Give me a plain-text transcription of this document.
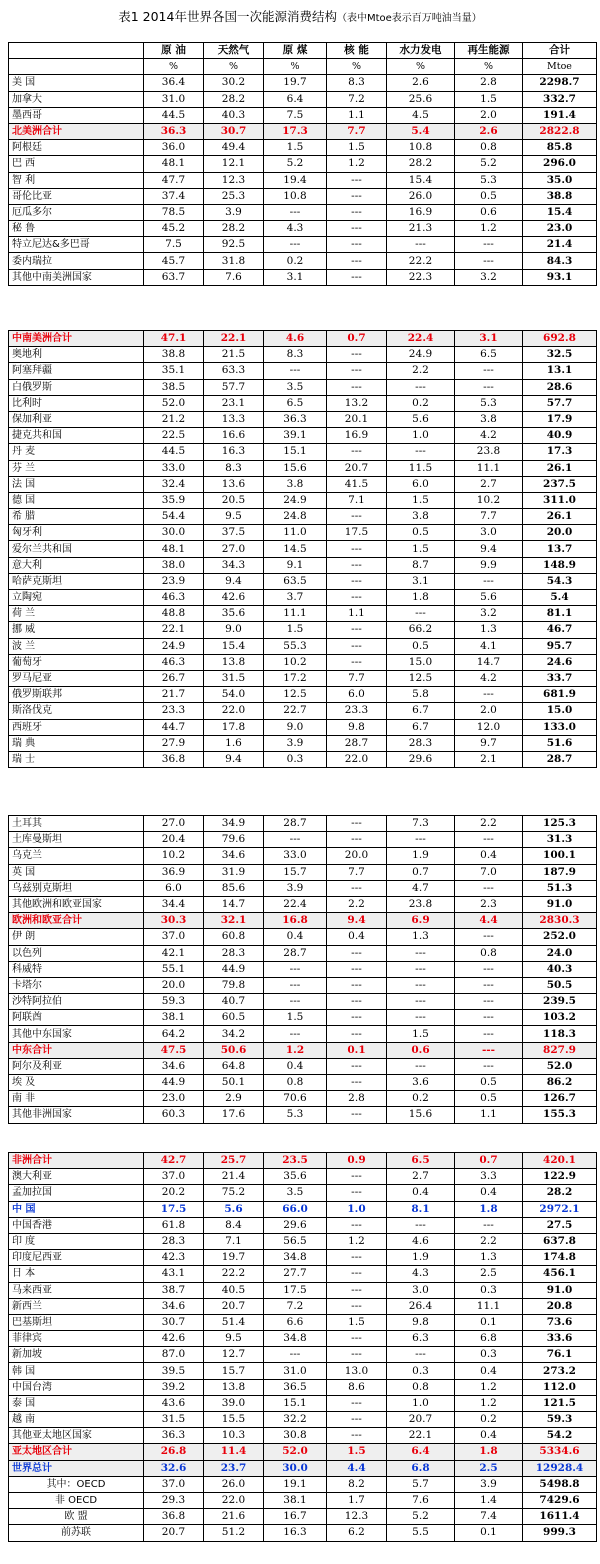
表1 2014年世界各国一次能源消费结构（表中Mtoe表示百万吨油当量）
	原 油	天然气	原 煤	核 能	水力发电	再生能源	合计
	%	%	%	%	%	%	Mtoe
美 国	36.4	30.2	19.7	8.3	2.6	2.8	2298.7
加拿大	31.0	28.2	6.4	7.2	25.6	1.5	332.7
墨西哥	44.5	40.3	7.5	1.1	4.5	2.0	191.4
北美洲合计	36.3	30.7	17.3	7.7	5.4	2.6	2822.8
阿根廷	36.0	49.4	1.5	1.5	10.8	0.8	85.8
巴 西	48.1	12.1	5.2	1.2	28.2	5.2	296.0
智 利	47.7	12.3	19.4	---	15.4	5.3	35.0
哥伦比亚	37.4	25.3	10.8	---	26.0	0.5	38.8
厄瓜多尔	78.5	3.9	---	---	16.9	0.6	15.4
秘 鲁	45.2	28.2	4.3	---	21.3	1.2	23.0
特立尼达&多巴哥	7.5	92.5	---	---	---	---	21.4
委内瑞拉	45.7	31.8	0.2	---	22.2	---	84.3
其他中南美洲国家	63.7	7.6	3.1	---	22.3	3.2	93.1
中南美洲合计	47.1	22.1	4.6	0.7	22.4	3.1	692.8
奥地利	38.8	21.5	8.3	---	24.9	6.5	32.5
阿塞拜疆	35.1	63.3	---	---	2.2	---	13.1
白俄罗斯	38.5	57.7	3.5	---	---	---	28.6
比利时	52.0	23.1	6.5	13.2	0.2	5.3	57.7
保加利亚	21.2	13.3	36.3	20.1	5.6	3.8	17.9
捷克共和国	22.5	16.6	39.1	16.9	1.0	4.2	40.9
丹 麦	44.5	16.3	15.1	---	---	23.8	17.3
芬 兰	33.0	8.3	15.6	20.7	11.5	11.1	26.1
法 国	32.4	13.6	3.8	41.5	6.0	2.7	237.5
德 国	35.9	20.5	24.9	7.1	1.5	10.2	311.0
希 腊	54.4	9.5	24.8	---	3.8	7.7	26.1
匈牙利	30.0	37.5	11.0	17.5	0.5	3.0	20.0
爱尔兰共和国	48.1	27.0	14.5	---	1.5	9.4	13.7
意大利	38.0	34.3	9.1	---	8.7	9.9	148.9
哈萨克斯坦	23.9	9.4	63.5	---	3.1	---	54.3
立陶宛	46.3	42.6	3.7	---	1.8	5.6	5.4
荷 兰	48.8	35.6	11.1	1.1	---	3.2	81.1
挪 威	22.1	9.0	1.5	---	66.2	1.3	46.7
波 兰	24.9	15.4	55.3	---	0.5	4.1	95.7
葡萄牙	46.3	13.8	10.2	---	15.0	14.7	24.6
罗马尼亚	26.7	31.5	17.2	7.7	12.5	4.2	33.7
俄罗斯联邦	21.7	54.0	12.5	6.0	5.8	---	681.9
斯洛伐克	23.3	22.0	22.7	23.3	6.7	2.0	15.0
西班牙	44.7	17.8	9.0	9.8	6.7	12.0	133.0
瑞 典	27.9	1.6	3.9	28.7	28.3	9.7	51.6
瑞 士	36.8	9.4	0.3	22.0	29.6	2.1	28.7
土耳其	27.0	34.9	28.7	---	7.3	2.2	125.3
土库曼斯坦	20.4	79.6	---	---	---	---	31.3
乌克兰	10.2	34.6	33.0	20.0	1.9	0.4	100.1
英 国	36.9	31.9	15.7	7.7	0.7	7.0	187.9
乌兹别克斯坦	6.0	85.6	3.9	---	4.7	---	51.3
其他欧洲和欧亚国家	34.4	14.7	22.4	2.2	23.8	2.3	91.0
欧洲和欧亚合计	30.3	32.1	16.8	9.4	6.9	4.4	2830.3
伊 朗	37.0	60.8	0.4	0.4	1.3	---	252.0
以色列	42.1	28.3	28.7	---	---	0.8	24.0
科威特	55.1	44.9	---	---	---	---	40.3
卡塔尔	20.0	79.8	---	---	---	---	50.5
沙特阿拉伯	59.3	40.7	---	---	---	---	239.5
阿联酋	38.1	60.5	1.5	---	---	---	103.2
其他中东国家	64.2	34.2	---	---	1.5	---	118.3
中东合计	47.5	50.6	1.2	0.1	0.6	---	827.9
阿尔及利亚	34.6	64.8	0.4	---	---	---	52.0
埃 及	44.9	50.1	0.8	---	3.6	0.5	86.2
南 非	23.0	2.9	70.6	2.8	0.2	0.5	126.7
其他非洲国家	60.3	17.6	5.3	---	15.6	1.1	155.3
非洲合计	42.7	25.7	23.5	0.9	6.5	0.7	420.1
澳大利亚	37.0	21.4	35.6	---	2.7	3.3	122.9
孟加拉国	20.2	75.2	3.5	---	0.4	0.4	28.2
中 国	17.5	5.6	66.0	1.0	8.1	1.8	2972.1
中国香港	61.8	8.4	29.6	---	---	---	27.5
印 度	28.3	7.1	56.5	1.2	4.6	2.2	637.8
印度尼西亚	42.3	19.7	34.8	---	1.9	1.3	174.8
日 本	43.1	22.2	27.7	---	4.3	2.5	456.1
马来西亚	38.7	40.5	17.5	---	3.0	0.3	91.0
新西兰	34.6	20.7	7.2	---	26.4	11.1	20.8
巴基斯坦	30.7	51.4	6.6	1.5	9.8	0.1	73.6
菲律宾	42.6	9.5	34.8	---	6.3	6.8	33.6
新加坡	87.0	12.7	---	---	---	0.3	76.1
韩 国	39.5	15.7	31.0	13.0	0.3	0.4	273.2
中国台湾	39.2	13.8	36.5	8.6	0.8	1.2	112.0
泰 国	43.6	39.0	15.1	---	1.0	1.2	121.5
越 南	31.5	15.5	32.2	---	20.7	0.2	59.3
其他亚太地区国家	36.3	10.3	30.8	---	22.1	0.4	54.2
亚太地区合计	26.8	11.4	52.0	1.5	6.4	1.8	5334.6
世界总计	32.6	23.7	30.0	4.4	6.8	2.5	12928.4
其中：OECD	37.0	26.0	19.1	8.2	5.7	3.9	5498.8
非 OECD	29.3	22.0	38.1	1.7	7.6	1.4	7429.6
欧 盟	36.8	21.6	16.7	12.3	5.2	7.4	1611.4
前苏联	20.7	51.2	16.3	6.2	5.5	0.1	999.3
